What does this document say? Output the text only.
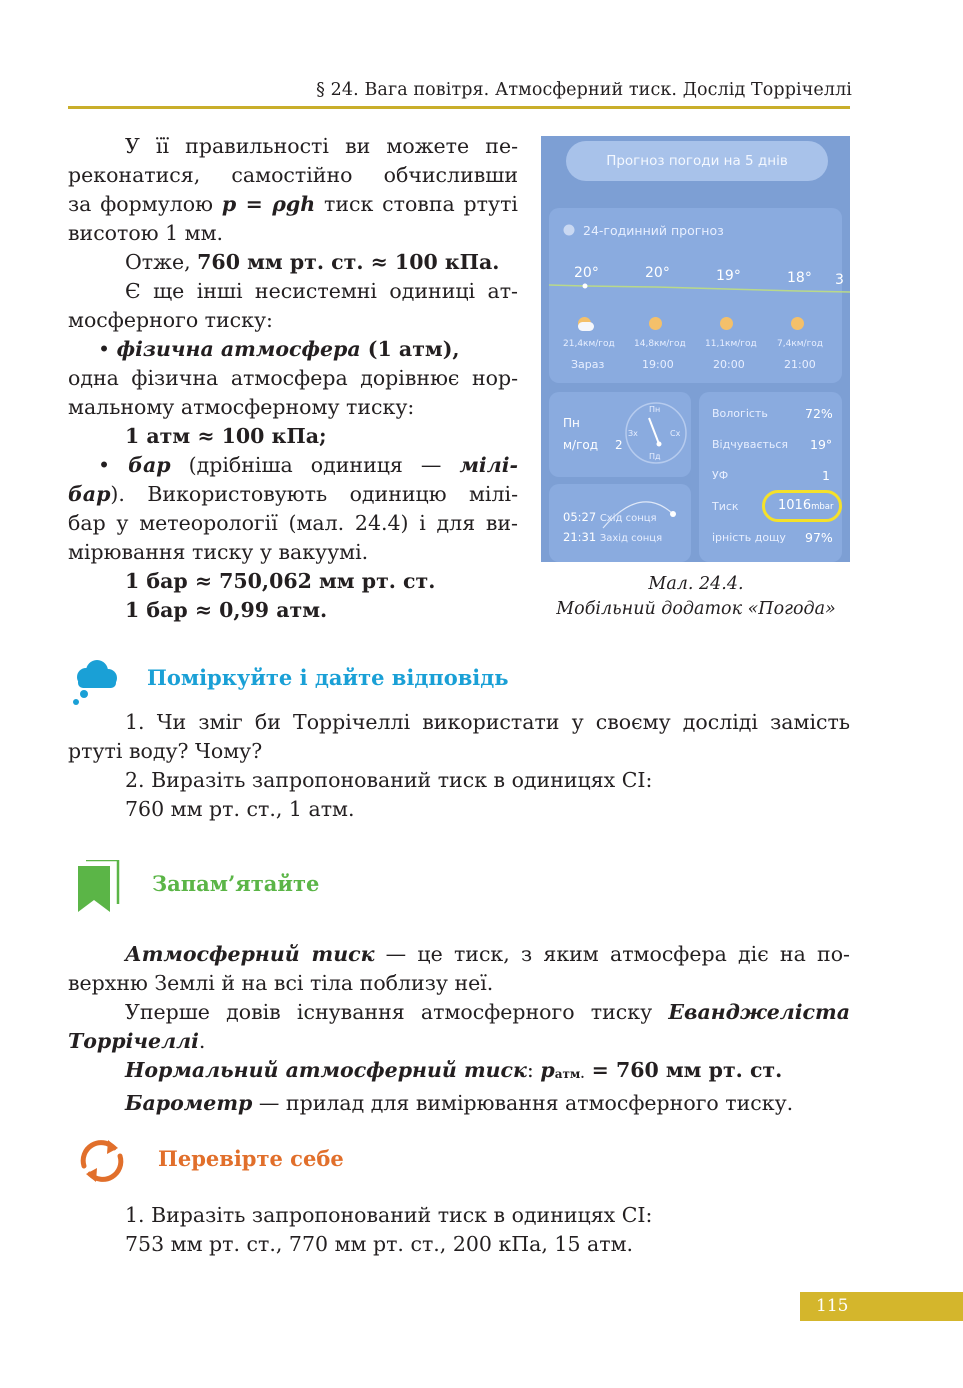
§ 24. Вага повітря. Атмосферний тиск. Дослід Торрічеллі

У її правильності ви можете пе-

реконатися, самостійно обчисливши

за формулою p = ρgh тиск стовпа ртуті

висотою 1 мм.

Отже, 760 мм рт. ст. ≈ 100 кПа.

Є ще інші несистемні одиниці ат-

мосферного тиску:

• фізична атмосфера (1 атм),

одна фізична атмосфера дорівнює нор-

мальному атмосферному тиску:

1 атм ≈ 100 кПа;

• бар (дрібніша одиниця — мілі-

бар). Використовують одиницю мілі-

бар у метеорології (мал. 24.4) і для ви-

мірювання тиску у вакуумі.

1 бар ≈ 750,062 мм рт. ст.

1 бар ≈ 0,99 атм.

Прогноз погоди на 5 днів
24-годинний прогноз
20°	20°	19°	18° 3
21,4км/год 14,8км/год 11,1км/год 7,4км/год
Зараз	19:00	20:00	21:00
Пн
м/год 2
Пн
Зх	Сх
Пд
05:27 Схід сонця
21:31 Захід сонця
Вологість	72%
Відчувається 19°
УФ	1
Тиск	1016mbar
ірність дощу 97%

Мал. 24.4.

Мобільний додаток «Погода»

Поміркуйте і дайте відповідь

1. Чи зміг би Торрічеллі використати у своєму досліді замість

ртуті воду? Чому?

2. Виразіть запропонований тиск в одиницях СІ:

760 мм рт. ст., 1 атм.

Запам’ятайте

Атмосферний тиск — це тиск, з яким атмосфера діє на по-

верхню Землі й на всі тіла поблизу неї.

Уперше довів існування атмосферного тиску Еванджеліста

Торрічеллі.

Нормальний атмосферний тиск: $p_{атм.} = 760$ мм рт. ст.

Барометр — прилад для вимірювання атмосферного тиску.

Перевірте себе

1. Виразіть запропонований тиск в одиницях СІ:

753 мм рт. ст., 770 мм рт. ст., 200 кПа, 15 атм.

115
